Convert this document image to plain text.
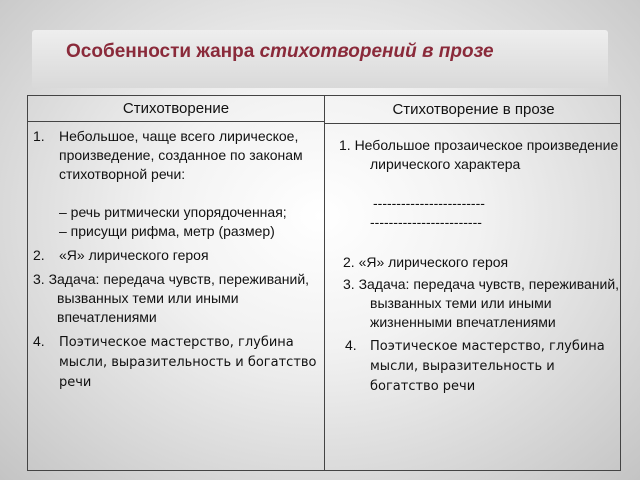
Особенности жанра стихотворений в прозе
Стихотворение	Стихотворение в прозе
1. Небольшое, чаще всего лирическое, произведение, созданное по законам стихотворной речи:
– речь ритмически упорядоченная;
– присущи рифма, метр (размер)
2. «Я» лирического героя
3. Задача: передача чувств, переживаний, вызванных теми или иными впечатлениями
4. Поэтическое мастерство, глубина мысли, выразительность и богатство речи
1. Небольшое прозаическое произведение лирического характера
------------------------
------------------------
2. «Я» лирического героя
3. Задача: передача чувств, переживаний, вызванных теми или иными жизненными впечатлениями
4. Поэтическое мастерство, глубина мысли, выразительность и богатство речи
